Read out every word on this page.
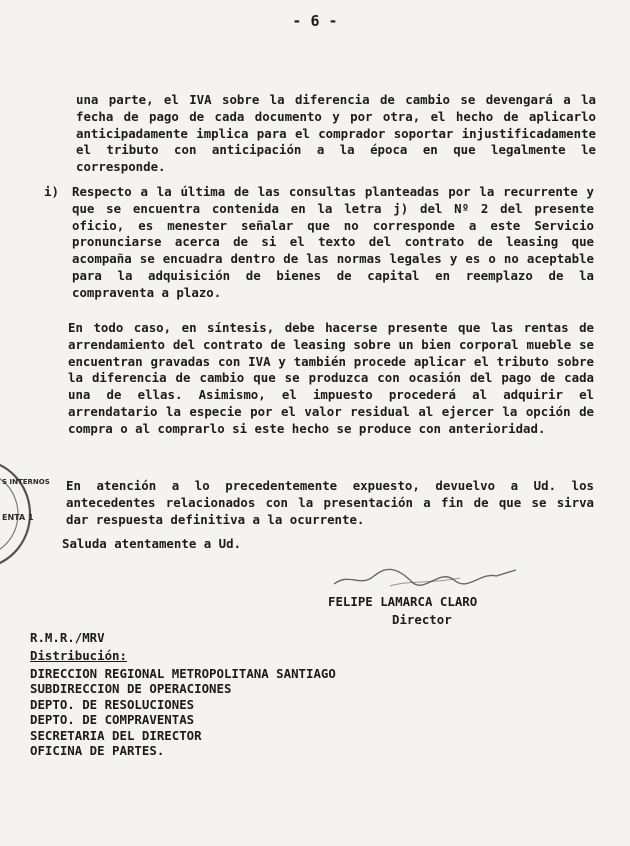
- 6 -

una parte, el IVA sobre la diferencia de cambio se devengará a la fecha de pago de cada documento y por otra, el hecho de aplicarlo anticipadamente implica para el comprador soportar injustificadamente el tributo con anticipación a la época en que legalmente le corresponde.

i) Respecto a la última de las consultas planteadas por la recurrente y que se encuentra contenida en la letra j) del Nº 2 del presente oficio, es menester señalar que no corresponde a este Servicio pronunciarse acerca de si el texto del contrato de leasing que acompaña se encuadra dentro de las normas legales y es o no aceptable para la adquisición de bienes de capital en reemplazo de la compraventa a plazo.

En todo caso, en síntesis, debe hacerse presente que las rentas de arrendamiento del contrato de leasing sobre un bien corporal mueble se encuentran gravadas con IVA y también procede aplicar el tributo sobre la diferencia de cambio que se produzca con ocasión del pago de cada una de ellas. Asimismo, el impuesto procederá al adquirir el arrendatario la especie por el valor residual al ejercer la opción de compra o al comprarlo si este hecho se produce con anterioridad.

En atención a lo precedentemente expuesto, devuelvo a Ud. los antecedentes relacionados con la presentación a fin de que se sirva dar respuesta definitiva a la ocurrente.

Saluda atentamente a Ud.

FELIPE LAMARCA CLARO
Director
R.M.R./MRV
Distribución:
DIRECCION REGIONAL METROPOLITANA SANTIAGO
SUBDIRECCION DE OPERACIONES
DEPTO. DE RESOLUCIONES
DEPTO. DE COMPRAVENTAS
SECRETARIA DEL DIRECTOR
OFICINA DE PARTES.
S INTERNOS
ENTA 1
